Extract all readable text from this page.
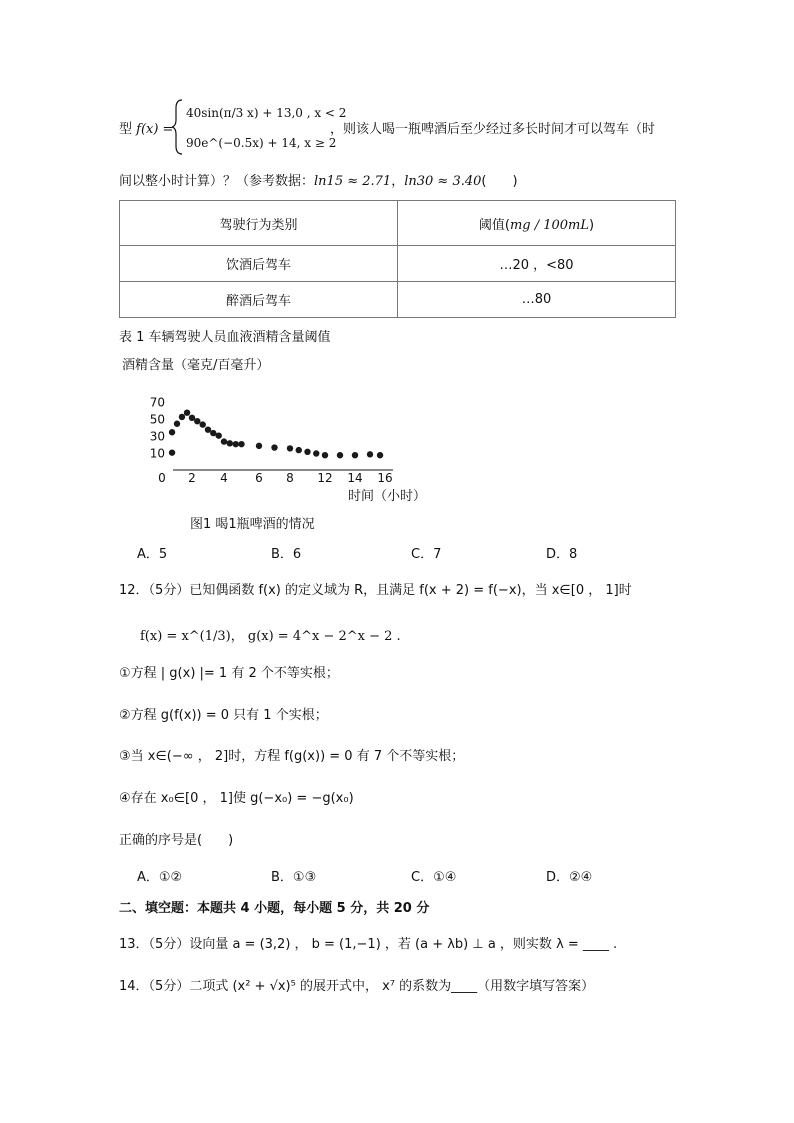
型 f(x) =
40sin(π/3 x) + 13,0 , x < 2
90e^(−0.5x) + 14, x ≥ 2
，则该人喝一瓶啤酒后至少经过多长时间才可以驾车（时
间以整小时计算）？（参考数据：ln15 ≈ 2.71，ln30 ≈ 3.40(　　)
驾驶行为类别	阈值(mg / 100mL)
饮酒后驾车	…20 ，<80
醉酒后驾车	…80
表 1 车辆驾驶人员血液酒精含量阈值
酒精含量（毫克/百毫升）
时间（小时）
0 2 4 6 8 12 14 16
10
30
50
70
图1 喝1瓶啤酒的情况
A．5	B．6	C．7	D．8
12．（5分）已知偶函数 f(x) 的定义域为 R，且满足 f(x + 2) = f(−x)，当 x∈[0 ， 1]时
f(x) = x^(1/3)， g(x) = 4^x − 2^x − 2 .
①方程 | g(x) |= 1 有 2 个不等实根；
②方程 g(f(x)) = 0 只有 1 个实根；
③当 x∈(−∞ ， 2]时，方程 f(g(x)) = 0 有 7 个不等实根；
④存在 x₀∈[0 ， 1]使 g(−x₀) = −g(x₀)
正确的序号是(　　)
A．①②	B．①③	C．①④	D．②④
二、填空题：本题共 4 小题，每小题 5 分，共 20 分
13．（5分）设向量 a = (3,2) ， b = (1,−1) ，若 (a + λb) ⊥ a ，则实数 λ = ____ .
14．（5分）二项式 (x² + √x)⁵ 的展开式中， x⁷ 的系数为____（用数字填写答案）
